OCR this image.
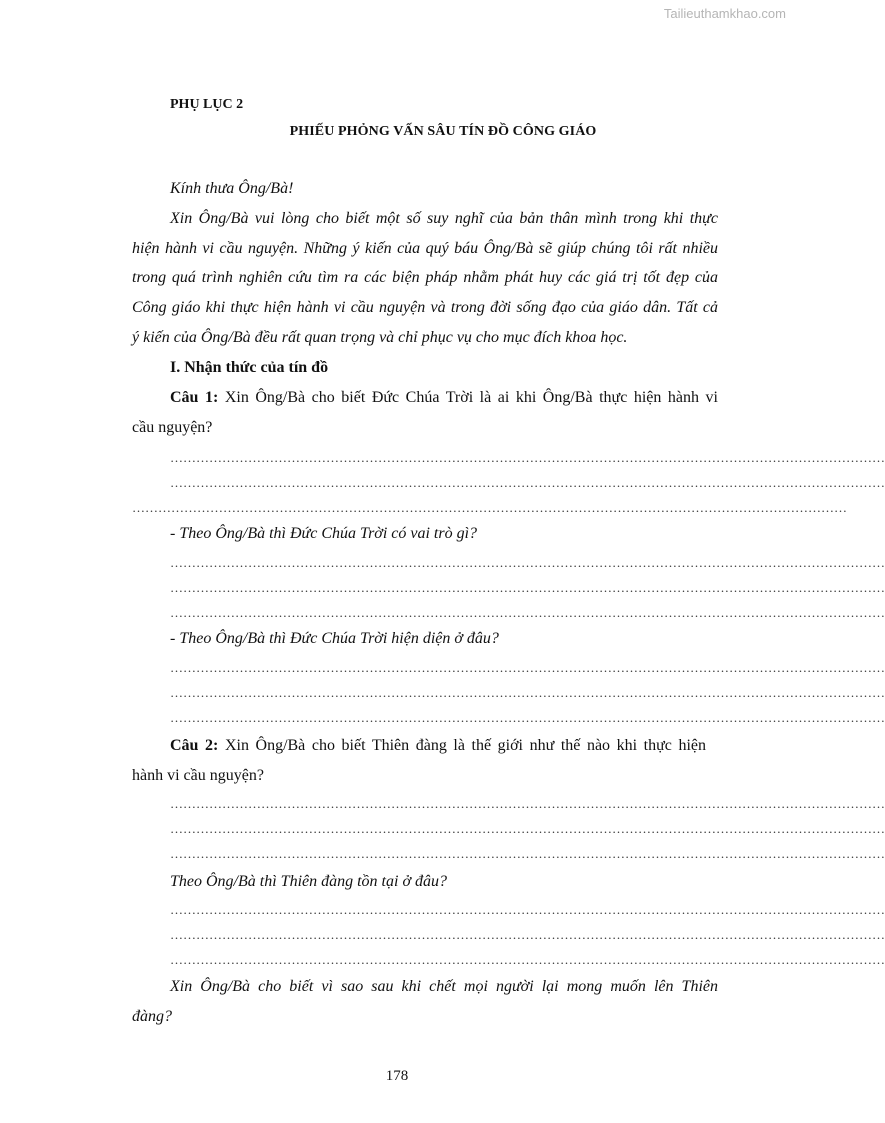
Tailieuthamkhao.com
PHỤ LỤC 2
PHIẾU PHỎNG VẤN SÂU TÍN ĐỒ CÔNG GIÁO
Kính thưa Ông/Bà!
Xin Ông/Bà vui lòng cho biết một số suy nghĩ của bản thân mình trong khi thực
hiện hành vi cầu nguyện. Những ý kiến của quý báu Ông/Bà sẽ giúp chúng tôi rất nhiều
trong quá trình nghiên cứu tìm ra các biện pháp nhằm phát huy các giá trị tốt đẹp của
Công giáo khi thực hiện hành vi cầu nguyện và trong đời sống đạo của giáo dân. Tất cả
ý kiến của Ông/Bà đều rất quan trọng và chỉ phục vụ cho mục đích khoa học.
I. Nhận thức của tín đồ
Câu 1: Xin Ông/Bà cho biết Đức Chúa Trời là ai khi Ông/Bà thực hiện hành vi
cầu nguyện?
…………………………………………………………………………………………………………………………………………………
…………………………………………………………………………………………………………………………………………………
…………………………………………………………………………………………………………………………………………………
- Theo Ông/Bà thì Đức Chúa Trời có vai trò gì?
…………………………………………………………………………………………………………………………………………………
…………………………………………………………………………………………………………………………………………………
…………………………………………………………………………………………………………………………………………………
- Theo Ông/Bà thì Đức Chúa Trời hiện diện ở đâu?
…………………………………………………………………………………………………………………………………………………
…………………………………………………………………………………………………………………………………………………
…………………………………………………………………………………………………………………………………………………
Câu 2: Xin Ông/Bà cho biết Thiên đàng là thế giới như thế nào khi thực hiện
hành vi cầu nguyện?
…………………………………………………………………………………………………………………………………………………
…………………………………………………………………………………………………………………………………………………
…………………………………………………………………………………………………………………………………………………
Theo Ông/Bà thì Thiên đàng tồn tại ở đâu?
…………………………………………………………………………………………………………………………………………………
…………………………………………………………………………………………………………………………………………………
…………………………………………………………………………………………………………………………………………………
Xin Ông/Bà cho biết vì sao sau khi chết mọi người lại mong muốn lên Thiên
đàng?
178
